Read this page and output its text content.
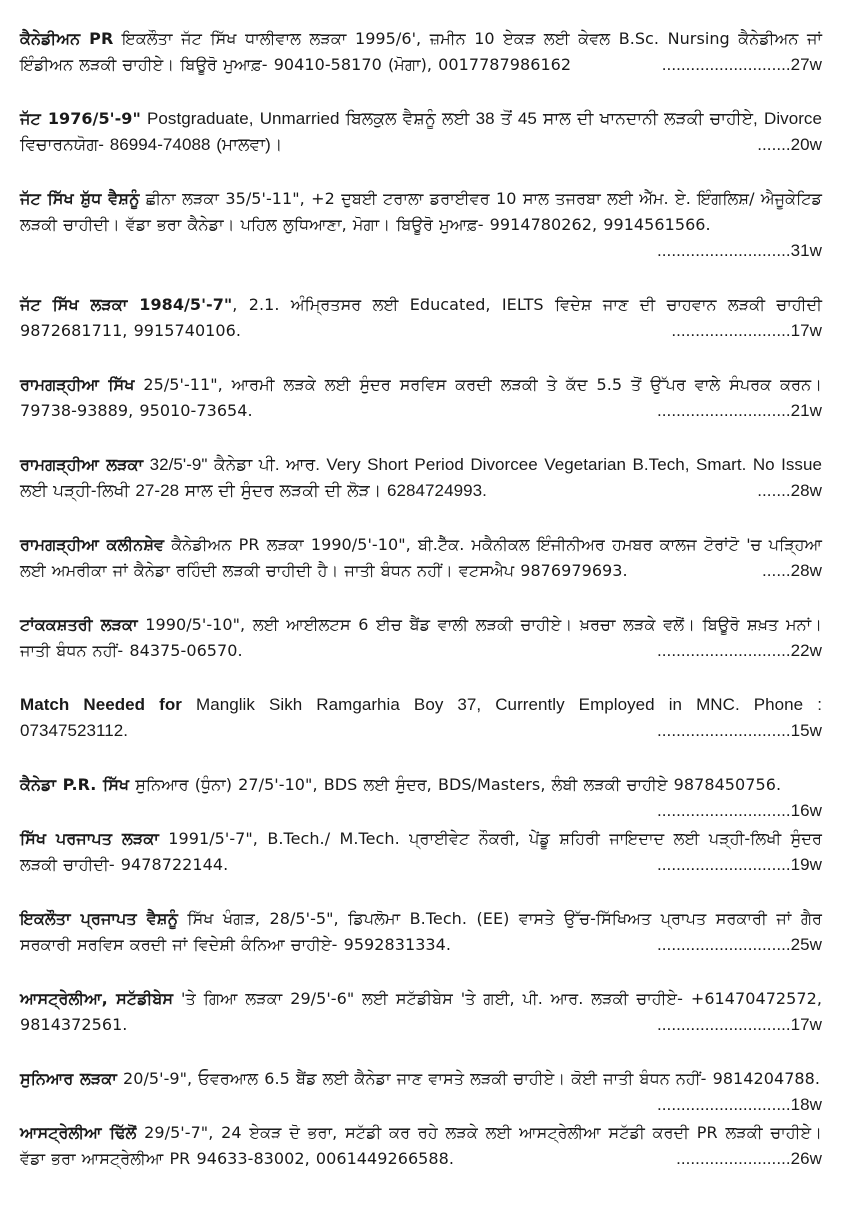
ਕੈਨੇਡੀਅਨ PR ਇਕਲੌਤਾ ਜੱਟ ਸਿੱਖ ਧਾਲੀਵਾਲ ਲੜਕਾ 1995/6', ਜ਼ਮੀਨ 10 ਏਕੜ ਲਈ ਕੇਵਲ B.Sc. Nursing ਕੈਨੇਡੀਅਨ ਜਾਂ ਇੰਡੀਅਨ ਲੜਕੀ ਚਾਹੀਏ। ਬਿਊਰੋ ਮੁਆਫ਼- 90410-58170 (ਮੋਗਾ), 0017787986162	...........................27w
ਜੱਟ 1976/5'-9" Postgraduate, Unmarried ਬਿਲਕੁਲ ਵੈਸ਼ਨੂੰ ਲਈ 38 ਤੋਂ 45 ਸਾਲ ਦੀ ਖਾਨਦਾਨੀ ਲੜਕੀ ਚਾਹੀਏ, Divorce ਵਿਚਾਰਨਯੋਗ- 86994-74088 (ਮਾਲਵਾ)।	.......20w
ਜੱਟ ਸਿੱਖ ਸ਼ੁੱਧ ਵੈਸ਼ਨੂੰ ਛੀਨਾ ਲੜਕਾ 35/5'-11", +2 ਦੁਬਈ ਟਰਾਲਾ ਡਰਾਈਵਰ 10 ਸਾਲ ਤਜਰਬਾ ਲਈ ਐੱਮ. ਏ. ਇੰਗਲਿਸ਼/ ਐਜੂਕੇਟਿਡ ਲੜਕੀ ਚਾਹੀਦੀ। ਵੱਡਾ ਭਰਾ ਕੈਨੇਡਾ। ਪਹਿਲ ਲੁਧਿਆਣਾ, ਮੋਗਾ। ਬਿਊਰੋ ਮੁਆਫ਼- 9914780262, 9914561566.
............................31w
ਜੱਟ ਸਿੱਖ ਲੜਕਾ 1984/5'-7", 2.1. ਅੰਮ੍ਰਿਤਸਰ ਲਈ Educated, IELTS ਵਿਦੇਸ਼ ਜਾਣ ਦੀ ਚਾਹਵਾਨ ਲੜਕੀ ਚਾਹੀਦੀ 9872681711, 9915740106.	.........................17w
ਰਾਮਗੜ੍ਹੀਆ ਸਿੱਖ 25/5'-11", ਆਰਮੀ ਲੜਕੇ ਲਈ ਸੁੰਦਰ ਸਰਵਿਸ ਕਰਦੀ ਲੜਕੀ ਤੇ ਕੱਦ 5.5 ਤੋਂ ਉੱਪਰ ਵਾਲੇ ਸੰਪਰਕ ਕਰਨ। 79738-93889, 95010-73654.	............................21w
ਰਾਮਗੜ੍ਹੀਆ ਲੜਕਾ 32/5'-9" ਕੈਨੇਡਾ ਪੀ. ਆਰ. Very Short Period Divorcee Vegetarian B.Tech, Smart. No Issue ਲਈ ਪੜ੍ਹੀ-ਲਿਖੀ 27-28 ਸਾਲ ਦੀ ਸੁੰਦਰ ਲੜਕੀ ਦੀ ਲੋੜ। 6284724993.	.......28w
ਰਾਮਗੜ੍ਹੀਆ ਕਲੀਨਸ਼ੇਵ ਕੈਨੇਡੀਅਨ PR ਲੜਕਾ 1990/5'-10", ਬੀ.ਟੈੱਕ. ਮਕੈਨੀਕਲ ਇੰਜੀਨੀਅਰ ਹਮਬਰ ਕਾਲਜ ਟੋਰਾਂਟੋ 'ਚ ਪੜ੍ਹਿਆ ਲਈ ਅਮਰੀਕਾ ਜਾਂ ਕੈਨੇਡਾ ਰਹਿੰਦੀ ਲੜਕੀ ਚਾਹੀਦੀ ਹੈ। ਜਾਤੀ ਬੰਧਨ ਨਹੀਂ। ਵਟਸਐਪ 9876979693.	......28w
ਟਾਂਕਕਸ਼ਤਰੀ ਲੜਕਾ 1990/5'-10", ਲਈ ਆਈਲਟਸ 6 ਈਚ ਬੈਂਡ ਵਾਲੀ ਲੜਕੀ ਚਾਹੀਏ। ਖ਼ਰਚਾ ਲੜਕੇ ਵਲੋਂ। ਬਿਊਰੋ ਸ਼ਖ਼ਤ ਮਨਾਂ। ਜਾਤੀ ਬੰਧਨ ਨਹੀਂ- 84375-06570.	............................22w
Match Needed for Manglik Sikh Ramgarhia Boy 37, Currently Employed in MNC. Phone : 07347523112.	............................15w
ਕੈਨੇਡਾ P.R. ਸਿੱਖ ਸੁਨਿਆਰ (ਧੁੰਨਾ) 27/5'-10", BDS ਲਈ ਸੁੰਦਰ, BDS/Masters, ਲੰਬੀ ਲੜਕੀ ਚਾਹੀਏ 9878450756.
............................16w
ਸਿੱਖ ਪਰਜਾਪਤ ਲੜਕਾ 1991/5'-7", B.Tech./ M.Tech. ਪ੍ਰਾਈਵੇਟ ਨੌਕਰੀ, ਪੇਂਡੂ ਸ਼ਹਿਰੀ ਜਾਇਦਾਦ ਲਈ ਪੜ੍ਹੀ-ਲਿਖੀ ਸੁੰਦਰ ਲੜਕੀ ਚਾਹੀਦੀ- 9478722144.	............................19w
ਇਕਲੌਤਾ ਪ੍ਰਜਾਪਤ ਵੈਸ਼ਨੂੰ ਸਿੱਖ ਖੰਗੜ, 28/5'-5", ਡਿਪਲੋਮਾ B.Tech. (EE) ਵਾਸਤੇ ਉੱਚ-ਸਿੱਖਿਅਤ ਪ੍ਰਾਪਤ ਸਰਕਾਰੀ ਜਾਂ ਗੈਰ ਸਰਕਾਰੀ ਸਰਵਿਸ ਕਰਦੀ ਜਾਂ ਵਿਦੇਸ਼ੀ ਕੰਨਿਆ ਚਾਹੀਏ- 9592831334.	............................25w
ਆਸਟ੍ਰੇਲੀਆ, ਸਟੱਡੀਬੇਸ 'ਤੇ ਗਿਆ ਲੜਕਾ 29/5'-6" ਲਈ ਸਟੱਡੀਬੇਸ 'ਤੇ ਗਈ, ਪੀ. ਆਰ. ਲੜਕੀ ਚਾਹੀਏ- +61470472572, 9814372561.	............................17w
ਸੁਨਿਆਰ ਲੜਕਾ 20/5'-9", ਓਵਰਆਲ 6.5 ਬੈਂਡ ਲਈ ਕੈਨੇਡਾ ਜਾਣ ਵਾਸਤੇ ਲੜਕੀ ਚਾਹੀਏ। ਕੋਈ ਜਾਤੀ ਬੰਧਨ ਨਹੀਂ- 9814204788.
............................18w
ਆਸਟ੍ਰੇਲੀਆ ਢਿੱਲੋਂ 29/5'-7", 24 ਏਕੜ ਦੋ ਭਰਾ, ਸਟੱਡੀ ਕਰ ਰਹੇ ਲੜਕੇ ਲਈ ਆਸਟ੍ਰੇਲੀਆ ਸਟੱਡੀ ਕਰਦੀ PR ਲੜਕੀ ਚਾਹੀਏ। ਵੱਡਾ ਭਰਾ ਆਸਟ੍ਰੇਲੀਆ PR 94633-83002, 0061449266588.	........................26w
